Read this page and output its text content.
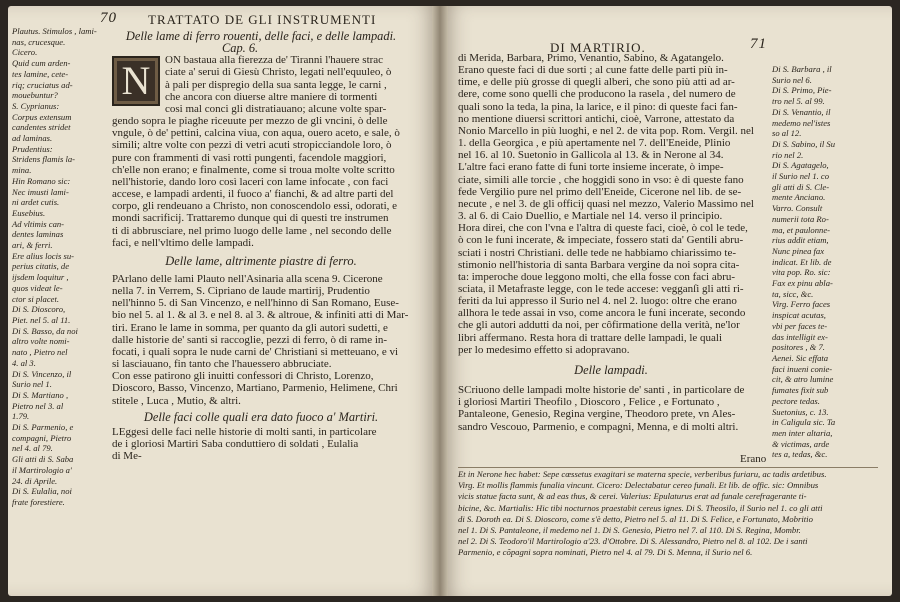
70 TRATTATO DE GLI INSTRUMENTI
Plautus. Stimulos , lami-
nas, crucesque.
Cicero.
Quid cum arden-
tes lamine, cete-
riq; cruciatus ad-
mouebuntur?
S. Cyprianus:
Corpus extensum
candentes stridet
ad laminas.
Prudentius:
Stridens flamis la-
mina.
Hin Romano sic:
Nec imusti lami-
ni ardet cutis.
Eusebius.
Ad vltimis can-
dentes laminas
ari, & ferri.
Ere alius locis su-
perius citatis, de
ijsdem loquitur ,
quos videat le-
ctor si placet.
Di S. Dioscoro,
Piet. nel 5. al 11.
Di S. Basso, da noi
altro volte nomi-
nato , Pietro nel
4. al 3.
Di S. Vincenzo, il
Surio nel 1.
Di S. Martiano ,
Pietro nel 3. al
1.79.
Di S. Parmenio, e
compagni, Pietro
nel 4. al 79.
Gli atti di S. Saba
il Martirologio a'
24. di Aprile.
Di S. Eulalia, noi
frate forestiere.

Delle lame di ferro rouenti, delle faci, e delle lampadi.

Cap. 6.

N	ON bastaua alla fierezza de' Tiranni l'hauere strac
ciate a' serui di Giesù Christo, legati nell'equuleo, ò
à pali per dispregio della sua santa legge, le carni ,
che ancora con diuerse altre maniere di tormenti
cosi mal conci gli distratiauano; alcune volte spar-
gendo sopra le piaghe riceuute per mezzo de gli vncini, ò delle
vngule, ò de' pettini, calcina viua, con aqua, ouero aceto, e sale, ò
simili; altre volte con pezzi di vetri acuti stropicciandole loro, ò
pure con frammenti di vasi rotti pungenti, facendole maggiori,
ch'elle non erano; e finalmente, come si troua molte volte scritto
nell'historie, dando loro così laceri con lame infocate , con faci
accese, e lampadi ardenti, il fuoco a' fianchi, & ad altre parti del
corpo, gli rendeuano a Christo, non conoscendolo essi, odorati, e
mondi sacrificij. Trattaremo dunque qui di questi tre instrumen
ti di abbrusciare, nel primo luogo delle lame , nel secondo delle
faci, e nell'vltimo delle lampadi.

Delle lame, altrimente piastre di ferro.

PArlano delle lami Plauto nell'Asinaria alla scena 9. Cicerone
nella 7. in Verrem, S. Cipriano de laude martirij, Prudentio
nell'hinno 5. di San Vincenzo, e nell'hinno di San Romano, Euse-
bio nel 5. al 1. & al 3. e nel 8. al 3. & altroue, & infiniti atti di Mar-
tiri. Erano le lame in somma, per quanto da gli autori sudetti, e
dalle historie de' santi si raccoglie, pezzi di ferro, ò di rame in-
focati, i quali sopra le nude carni de' Christiani si metteuano, e vi
si lasciauano, fin tanto che l'hauessero abbruciate.
Con esse patirono gli inuitti confessori di Christo, Lorenzo,
Dioscoro, Basso, Vincenzo, Martiano, Parmenio, Helimene, Chri
stitele , Luca , Mutio, & altri.

Delle faci colle quali era dato fuoco a' Martiri.

LEggesi delle faci nelle historie di molti santi, in particolare
de i gloriosi Martiri Saba conduttiero di soldati , Eulalia
di Me-
DI MARTIRIO.	71
di Merida, Barbara, Primo, Venantio, Sabino, & Agatangelo.
Erano queste faci di due sorti ; al cune fatte delle parti più in-
time, e delle più grosse di quegli alberi, che sono più atti ad ar-
dere, come sono quelli che producono la rasela , del numero de
quali sono la teda, la pina, la larice, e il pino: di queste faci fan-
no mentione diuersi scrittori antichi, cioè, Varrone, attestato da
Nonio Marcello in più luoghi, e nel 2. de vita pop. Rom. Vergil. nel
1. della Georgica , e più apertamente nel 7. dell'Eneide, Plinio
nel 16. al 10. Suetonio in Gallicola al 13. & in Nerone al 34.
L'altre faci erano fatte di funi torte insieme incerate, ò impe-
ciate, simili alle torcie , che hoggidi sono in vso: è di queste fano
fede Vergilio pure nel primo dell'Eneide, Cicerone nel lib. de se-
necute , e nel 3. de gli officij quasi nel mezzo, Valerio Massimo nel
3. al 6. di Caio Duellio, e Martiale nel 14. verso il principio.
Hora direi, che con l'vna e l'altra di queste faci, cioè, ò col le tede,
ò con le funi incerate, & impeciate, fossero stati da' Gentili abru-
sciati i nostri Christiani. delle tede ne habbiamo chiarissimo te-
stimonio nell'historia di santa Barbara vergine da noi sopra cita-
ta: imperoche doue leggono molti, che ella fosse con faci abru-
sciata, il Metafraste legge, con le tede accese: vegganſi gli atti ri-
feriti da lui appresso il Surio nel 4. nel 2. luogo: oltre che erano
allhora le tede assai in vso, come ancora le funi incerate, secondo
che gli autori addutti da noi, per côfirmatione della verità, ne'lor
libri affermano. Resta hora di trattare delle lampadi, le quali
per lo medesimo effetto si adopravano.

Delle lampadi.

SCriuono delle lampadi molte historie de' santi , in particolare de
i gloriosi Martiri Theofilo , Dioscoro , Felice , e Fortunato ,
Pantaleone, Genesio, Regina vergine, Theodoro prete, vn Ales-
sandro Vescouo, Parmenio, e compagni, Menna, e di molti altri.
Erano
Di S. Barbara , il
Surio nel 6.
Di S. Primo, Pie-
tro nel 5. al 99.
Di S. Venantio, il
medemo nel'istes
so al 12.
Di S. Sabino, il Su
rio nel 2.
Di S. Agatagelo,
il Surio nel 1. co
gli atti di S. Cle-
mente Anciano.
Varro. Consult
numerii tota Ro-
ma, et paulonne-
rius addit etiam,
Nunc pinea fax
indicat. Et lib. de
vita pop. Ro. sic:
Fax ex pinu abla-
ta, sicc, &c.
Virg. Ferro faces
inspicat acutas,
vbi per faces te-
das intelligit ex-
positores , & 7.
Aenei. Sic effata
faci inueni conie-
cit, & atro lumine
fumates fixit sub
pectore tedas.
Suetonius, c. 13.
in Caligula sic. Ta
men inter altaria,
& victimas, arde
tes a, tedas, &c.
Et in Nerone hec habet: Sepe cœssetus exagitari se materna specie, verberibus furiaru, ac tadis ardetibus.
Virg. Et mollis flammis funalia vincunt. Cicero: Delectabatur cereo funali. Et lib. de offic. sic: Omnibus
vicis statue facta sunt, & ad eas thus, & cerei. Valerius: Epulaturus erat ad funale cerefragerante ti-
bicine, &c. Martialis: Hic tibi nocturnos praestabit cereus ignes. Di S. Theosilo, il Surio nel 1. co gli atti
di S. Doroth ea. Di S. Dioscoro, come s'è detto, Pietro nel 5. al 11. Di S. Felice, e Fortunato, Mobritio
nel 1. Di S. Pantaleone, il medemo nel 1. Di S. Genesio, Pietro nel 7. al 110. Di S. Regina, Mombr.
nel 2. Di S. Teodoro'il Martirologio a'23. d'Ottobre. Di S. Alessandro, Pietro nel 8. al 102. De i santi
Parmenio, e cõpagni sopra nominati, Pietro nel 4. al 79. Di S. Menna, il Surio nel 6.
